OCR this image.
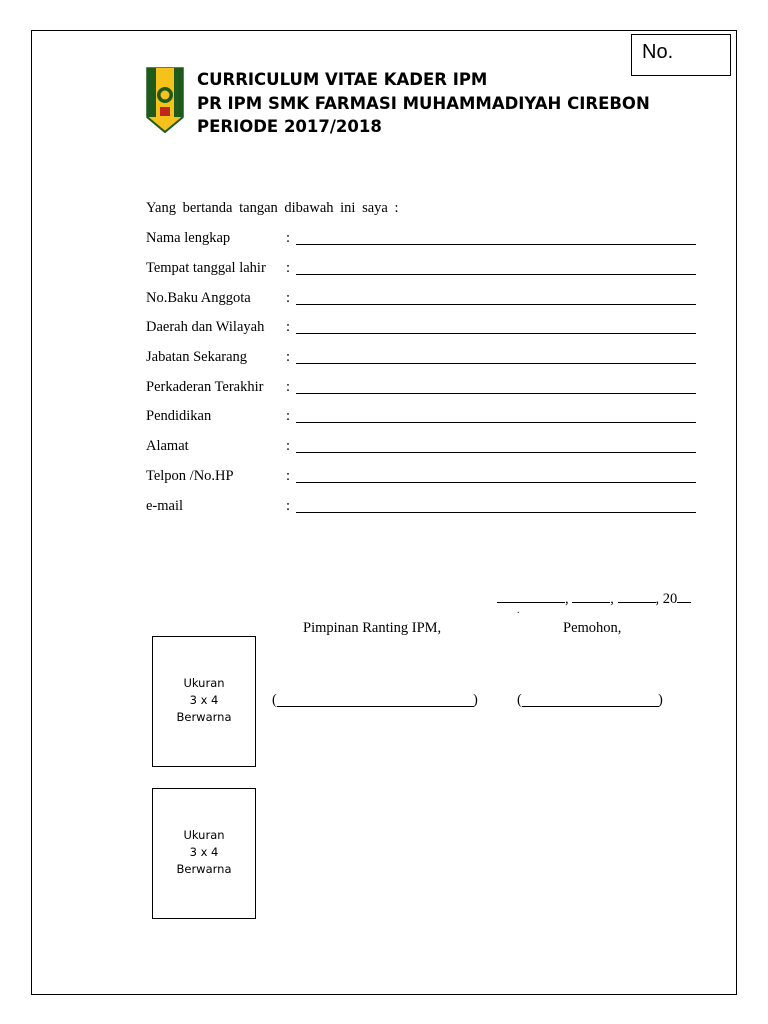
No.
CURRICULUM VITAE KADER IPM
PR IPM SMK FARMASI MUHAMMADIYAH CIREBON
PERIODE 2017/2018
Yang bertanda tangan dibawah ini saya :
Nama lengkap	:
Tempat tanggal lahir :
No.Baku Anggota :
Daerah dan Wilayah :
Jabatan Sekarang	:
Perkaderan Terakhir :
Pendidikan	:
Alamat	:
Telpon /No.HP	:
e-mail	:
,	,	, 20
.
Pimpinan Ranting IPM,	Pemohon,
(	)	(	)
Ukuran
3 x 4
Berwarna
Ukuran
3 x 4
Berwarna
